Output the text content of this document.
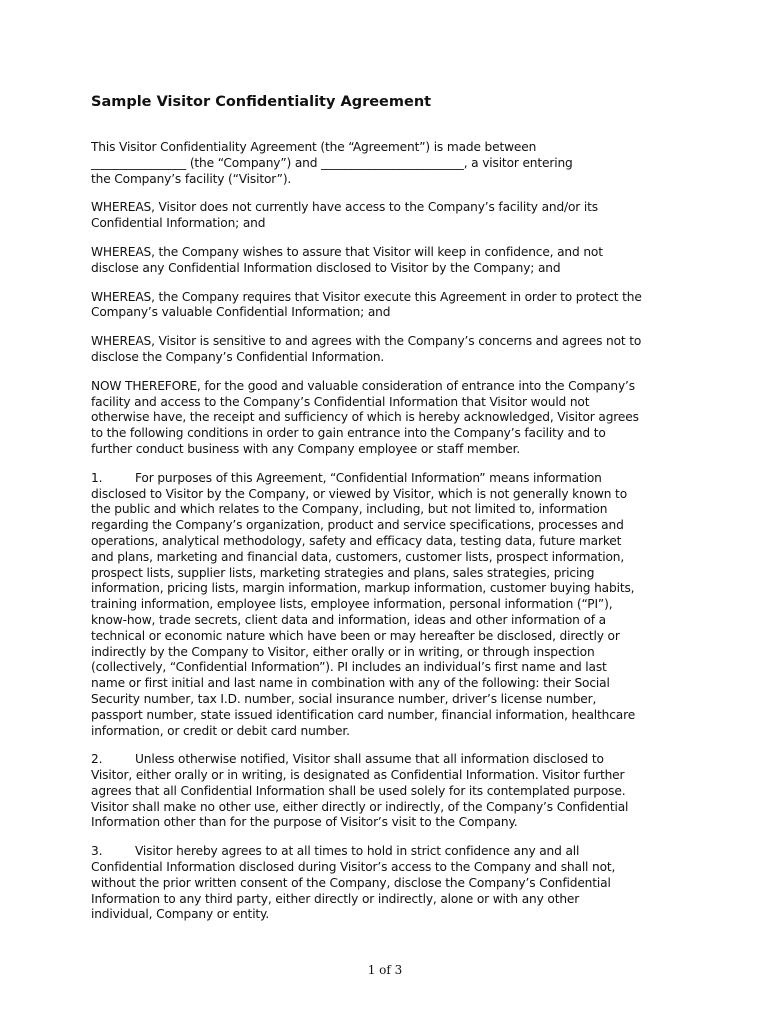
Sample Visitor Confidentiality Agreement

This Visitor Confidentiality Agreement (the “Agreement”) is made between
________________ (the “Company”) and ________________________, a visitor entering
the Company’s facility (“Visitor”).

WHEREAS, Visitor does not currently have access to the Company’s facility and/or its
Confidential Information; and

WHEREAS, the Company wishes to assure that Visitor will keep in confidence, and not
disclose any Confidential Information disclosed to Visitor by the Company; and

WHEREAS, the Company requires that Visitor execute this Agreement in order to protect the
Company’s valuable Confidential Information; and

WHEREAS, Visitor is sensitive to and agrees with the Company’s concerns and agrees not to
disclose the Company’s Confidential Information.

NOW THEREFORE, for the good and valuable consideration of entrance into the Company’s
facility and access to the Company’s Confidential Information that Visitor would not
otherwise have, the receipt and sufficiency of which is hereby acknowledged, Visitor agrees
to the following conditions in order to gain entrance into the Company’s facility and to
further conduct business with any Company employee or staff member.

1.	For purposes of this Agreement, “Confidential Information” means information
disclosed to Visitor by the Company, or viewed by Visitor, which is not generally known to
the public and which relates to the Company, including, but not limited to, information
regarding the Company’s organization, product and service specifications, processes and
operations, analytical methodology, safety and efficacy data, testing data, future market
and plans, marketing and financial data, customers, customer lists, prospect information,
prospect lists, supplier lists, marketing strategies and plans, sales strategies, pricing
information, pricing lists, margin information, markup information, customer buying habits,
training information, employee lists, employee information, personal information (“PI”),
know-how, trade secrets, client data and information, ideas and other information of a
technical or economic nature which have been or may hereafter be disclosed, directly or
indirectly by the Company to Visitor, either orally or in writing, or through inspection
(collectively, “Confidential Information”). PI includes an individual’s first name and last
name or first initial and last name in combination with any of the following: their Social
Security number, tax I.D. number, social insurance number, driver’s license number,
passport number, state issued identification card number, financial information, healthcare
information, or credit or debit card number.

2.	Unless otherwise notified, Visitor shall assume that all information disclosed to
Visitor, either orally or in writing, is designated as Confidential Information. Visitor further
agrees that all Confidential Information shall be used solely for its contemplated purpose.
Visitor shall make no other use, either directly or indirectly, of the Company’s Confidential
Information other than for the purpose of Visitor’s visit to the Company.

3.	Visitor hereby agrees to at all times to hold in strict confidence any and all
Confidential Information disclosed during Visitor’s access to the Company and shall not,
without the prior written consent of the Company, disclose the Company’s Confidential
Information to any third party, either directly or indirectly, alone or with any other
individual, Company or entity.

1 of 3
